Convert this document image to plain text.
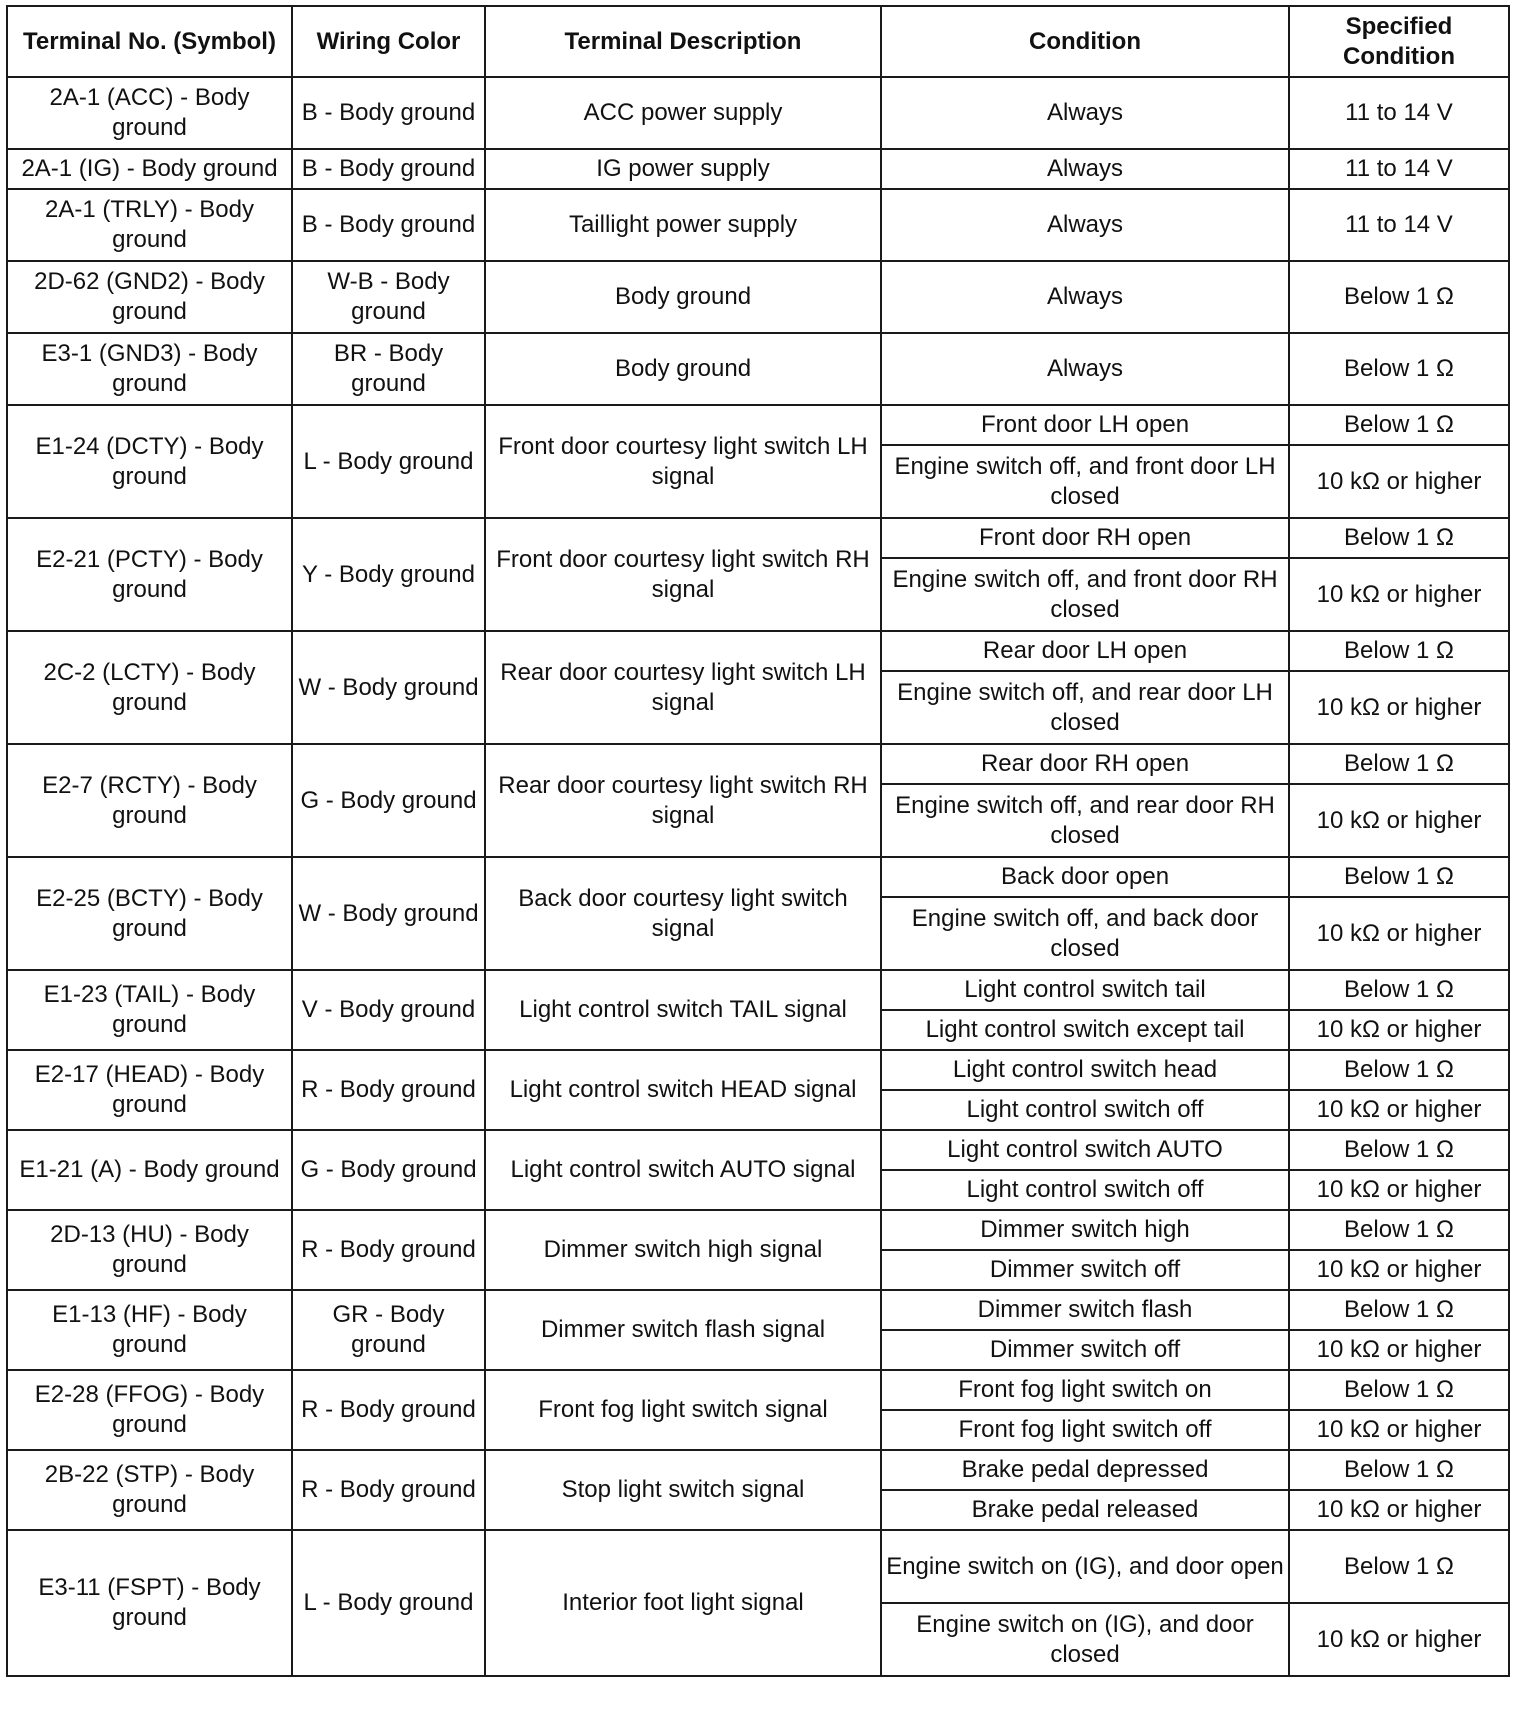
Terminal No. (Symbol)	Wiring Color	Terminal Description	Condition	Specified Condition
2A-1 (ACC) - Body ground	B - Body ground	ACC power supply	Always	11 to 14 V
2A-1 (IG) - Body ground	B - Body ground	IG power supply	Always	11 to 14 V
2A-1 (TRLY) - Body ground	B - Body ground	Taillight power supply	Always	11 to 14 V
2D-62 (GND2) - Body ground	W-B - Body ground	Body ground	Always	Below 1 Ω
E3-1 (GND3) - Body ground	BR - Body ground	Body ground	Always	Below 1 Ω
E1-24 (DCTY) - Body ground	L - Body ground	Front door courtesy light switch LH signal	Front door LH open	Below 1 Ω
			Engine switch off, and front door LH closed	10 kΩ or higher
E2-21 (PCTY) - Body ground	Y - Body ground	Front door courtesy light switch RH signal	Front door RH open	Below 1 Ω
			Engine switch off, and front door RH closed	10 kΩ or higher
2C-2 (LCTY) - Body ground	W - Body ground	Rear door courtesy light switch LH signal	Rear door LH open	Below 1 Ω
			Engine switch off, and rear door LH closed	10 kΩ or higher
E2-7 (RCTY) - Body ground	G - Body ground	Rear door courtesy light switch RH signal	Rear door RH open	Below 1 Ω
			Engine switch off, and rear door RH closed	10 kΩ or higher
E2-25 (BCTY) - Body ground	W - Body ground	Back door courtesy light switch signal	Back door open	Below 1 Ω
			Engine switch off, and back door closed	10 kΩ or higher
E1-23 (TAIL) - Body ground	V - Body ground	Light control switch TAIL signal	Light control switch tail	Below 1 Ω
			Light control switch except tail	10 kΩ or higher
E2-17 (HEAD) - Body ground	R - Body ground	Light control switch HEAD signal	Light control switch head	Below 1 Ω
			Light control switch off	10 kΩ or higher
E1-21 (A) - Body ground	G - Body ground	Light control switch AUTO signal	Light control switch AUTO	Below 1 Ω
			Light control switch off	10 kΩ or higher
2D-13 (HU) - Body ground	R - Body ground	Dimmer switch high signal	Dimmer switch high	Below 1 Ω
			Dimmer switch off	10 kΩ or higher
E1-13 (HF) - Body ground	GR - Body ground	Dimmer switch flash signal	Dimmer switch flash	Below 1 Ω
			Dimmer switch off	10 kΩ or higher
E2-28 (FFOG) - Body ground	R - Body ground	Front fog light switch signal	Front fog light switch on	Below 1 Ω
			Front fog light switch off	10 kΩ or higher
2B-22 (STP) - Body ground	R - Body ground	Stop light switch signal	Brake pedal depressed	Below 1 Ω
			Brake pedal released	10 kΩ or higher
E3-11 (FSPT) - Body ground	L - Body ground	Interior foot light signal	Engine switch on (IG), and door open	Below 1 Ω
			Engine switch on (IG), and door closed	10 kΩ or higher
